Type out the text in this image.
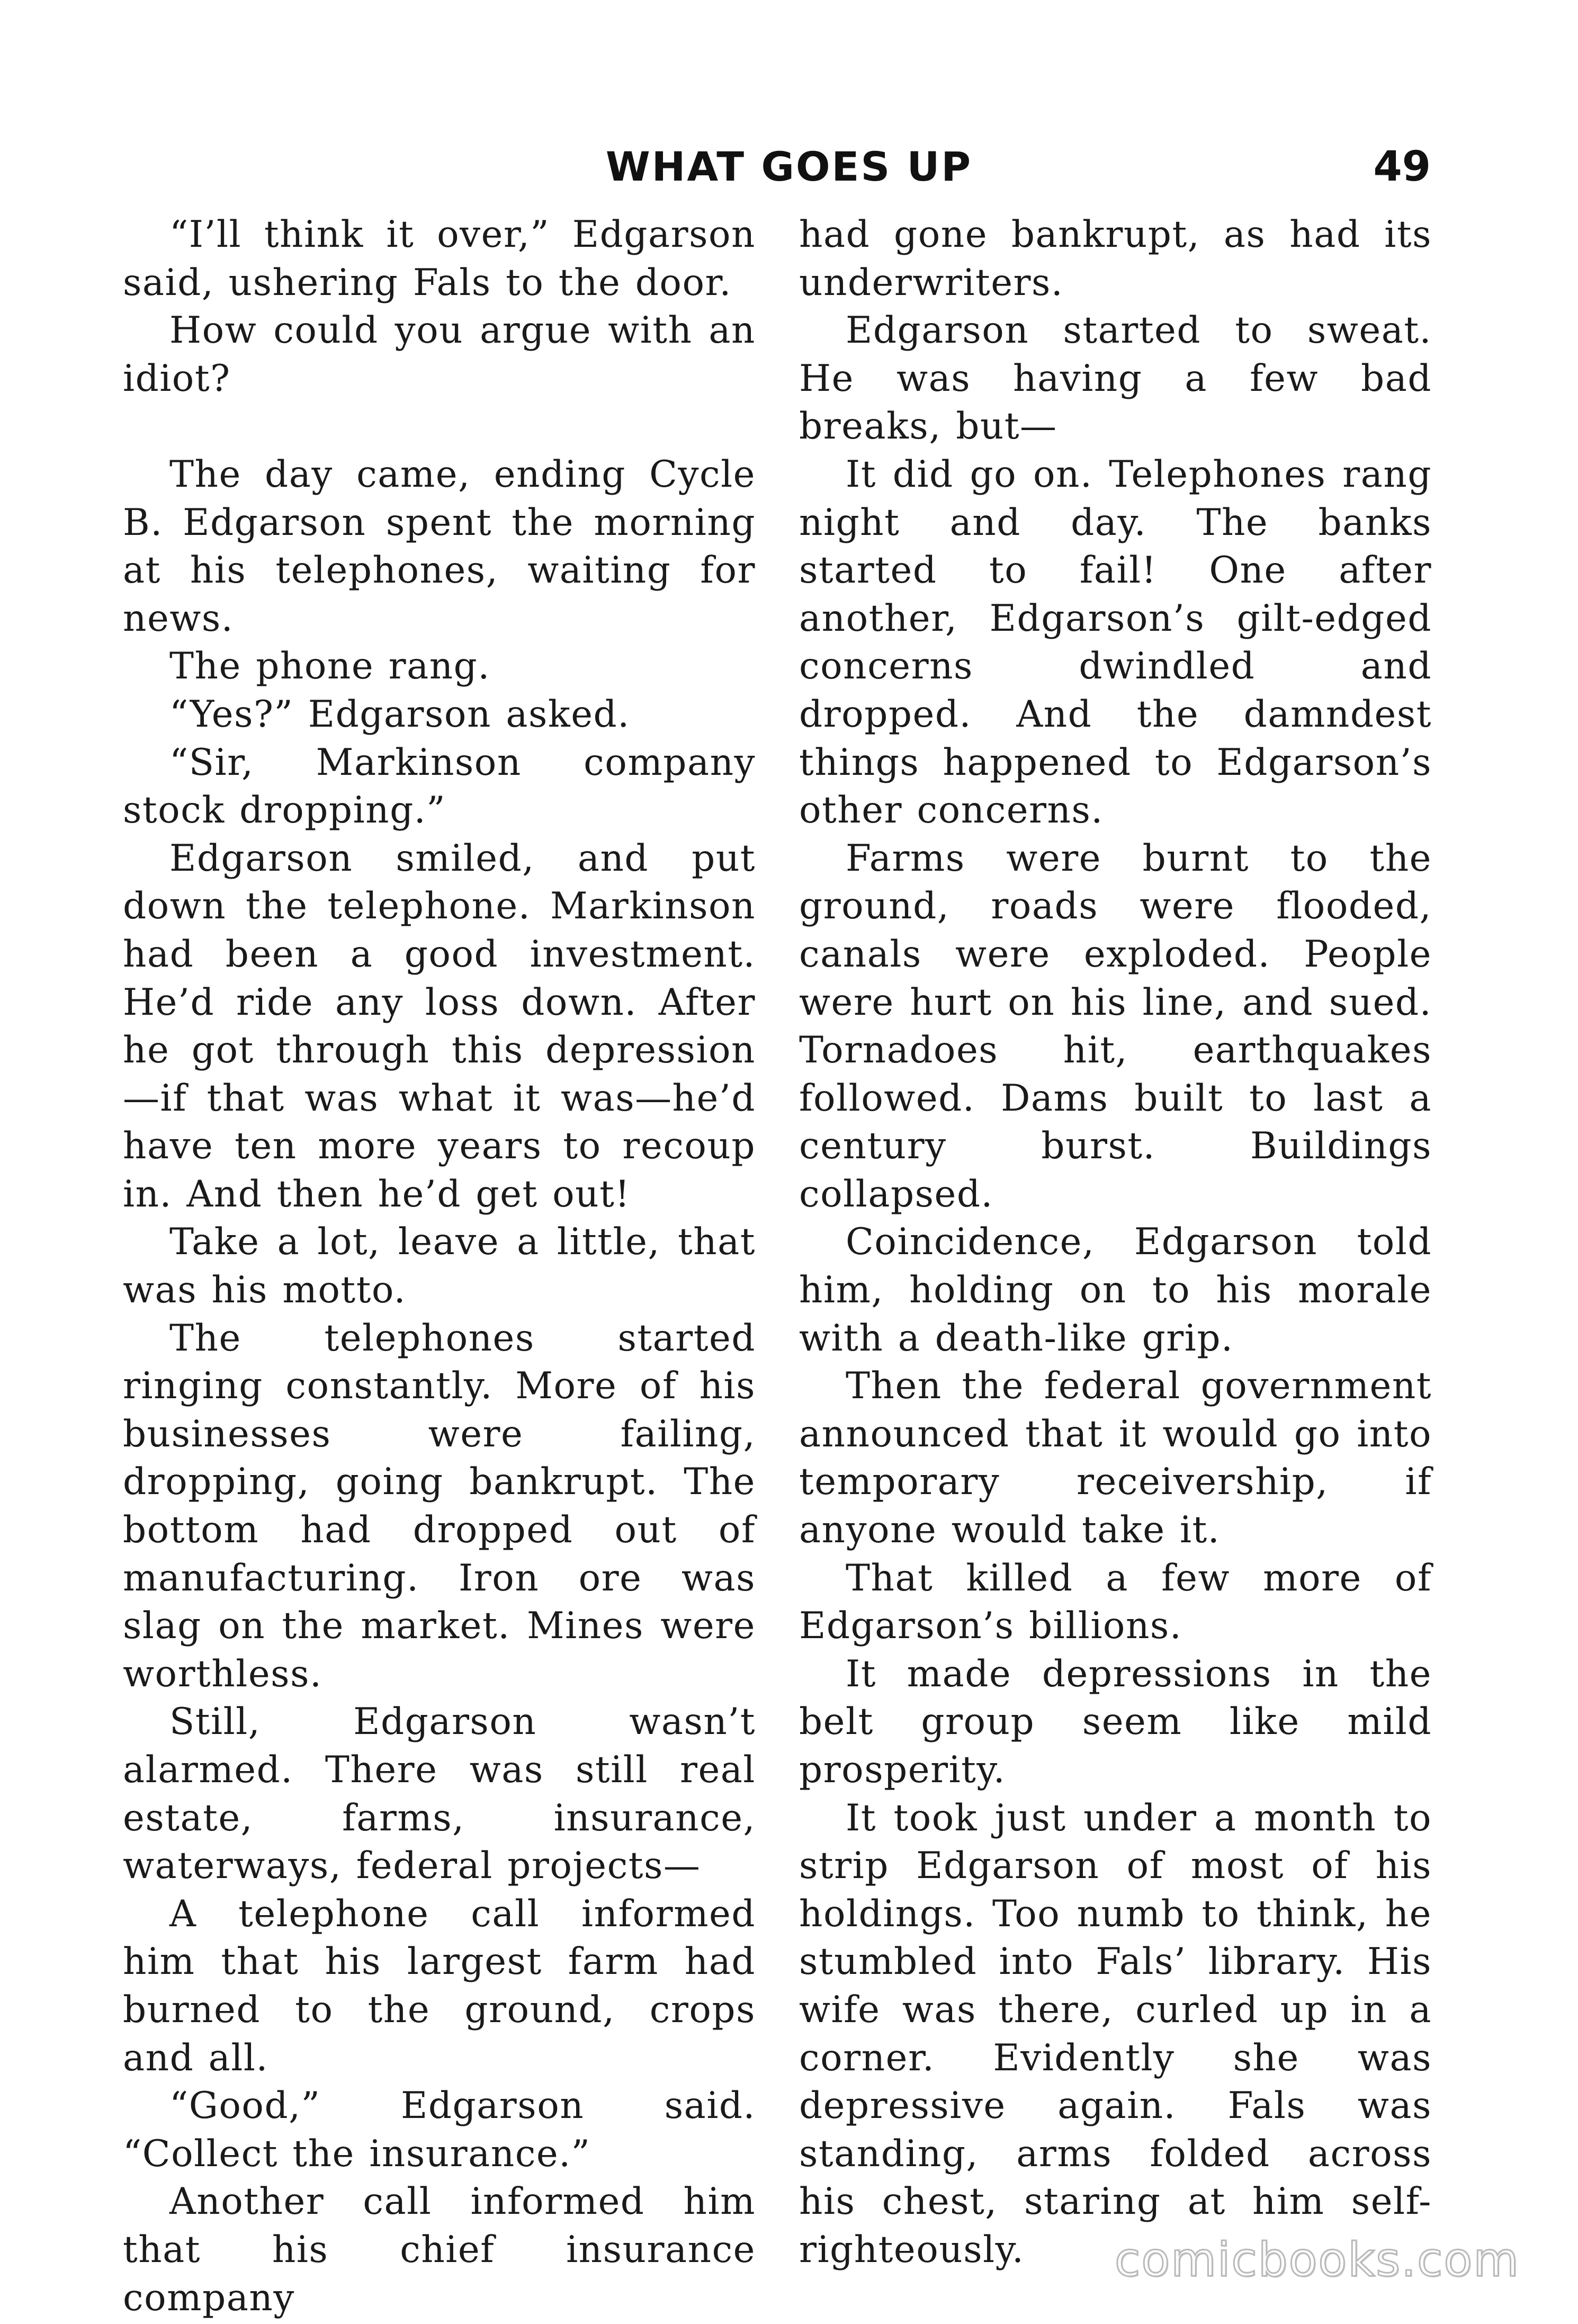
WHAT GOES UP	49

“I’ll think it over,” Edgarson said, ushering Fals to the door.

How could you argue with an idiot?

The day came, ending Cycle B. Edgarson spent the morning at his telephones, waiting for news.

The phone rang.

“Yes?” Edgarson asked.

“Sir, Markinson company stock dropping.”

Edgarson smiled, and put down the telephone. Markinson had been a good investment. He’d ride any loss down. After he got through this depression—if that was what it was—he’d have ten more years to recoup in. And then he’d get out!

Take a lot, leave a little, that was his motto.

The telephones started ringing constantly. More of his businesses were failing, dropping, going bankrupt. The bottom had dropped out of manufacturing. Iron ore was slag on the market. Mines were worthless.

Still, Edgarson wasn’t alarmed. There was still real estate, farms, insurance, waterways, federal projects—

A telephone call informed him that his largest farm had burned to the ground, crops and all.

“Good,” Edgarson said. “Collect the insurance.”

Another call informed him that his chief insurance company

had gone bankrupt, as had its underwriters.

Edgarson started to sweat. He was having a few bad breaks, but—

It did go on. Telephones rang night and day. The banks started to fail! One after another, Edgarson’s gilt-edged concerns dwindled and dropped. And the damndest things happened to Edgarson’s other concerns.

Farms were burnt to the ground, roads were flooded, canals were exploded. People were hurt on his line, and sued. Tornadoes hit, earthquakes followed. Dams built to last a century burst. Buildings collapsed.

Coincidence, Edgarson told him, holding on to his morale with a death-like grip.

Then the federal government announced that it would go into temporary receivership, if anyone would take it.

That killed a few more of Edgarson’s billions.

It made depressions in the belt group seem like mild prosperity.

It took just under a month to strip Edgarson of most of his holdings. Too numb to think, he stumbled into Fals’ library. His wife was there, curled up in a corner. Evidently she was depressive again. Fals was standing, arms folded across his chest, staring at him self-righteously.	comicbooks.com
